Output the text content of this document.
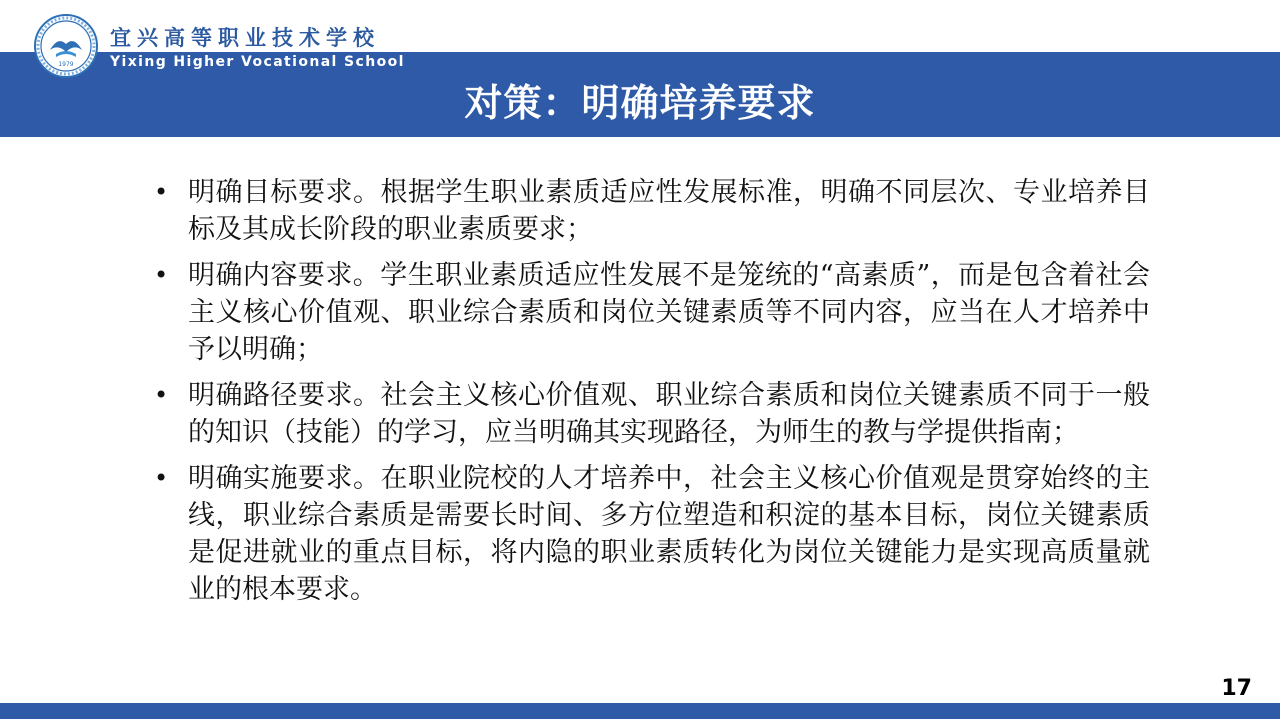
Yixing Higher Vocational School
对策：明确培养要求
1979
宜兴高等职业技术学校
• 明确目标要求。根据学生职业素质适应性发展标准，明确不同层次、专业培养目标及其成长阶段的职业素质要求；
• 明确内容要求。学生职业素质适应性发展不是笼统的“高素质”，而是包含着社会主义核心价值观、职业综合素质和岗位关键素质等不同内容，应当在人才培养中予以明确；
• 明确路径要求。社会主义核心价值观、职业综合素质和岗位关键素质不同于一般的知识（技能）的学习，应当明确其实现路径，为师生的教与学提供指南；
• 明确实施要求。在职业院校的人才培养中，社会主义核心价值观是贯穿始终的主线，职业综合素质是需要长时间、多方位塑造和积淀的基本目标，岗位关键素质是促进就业的重点目标，将内隐的职业素质转化为岗位关键能力是实现高质量就业的根本要求。
17
